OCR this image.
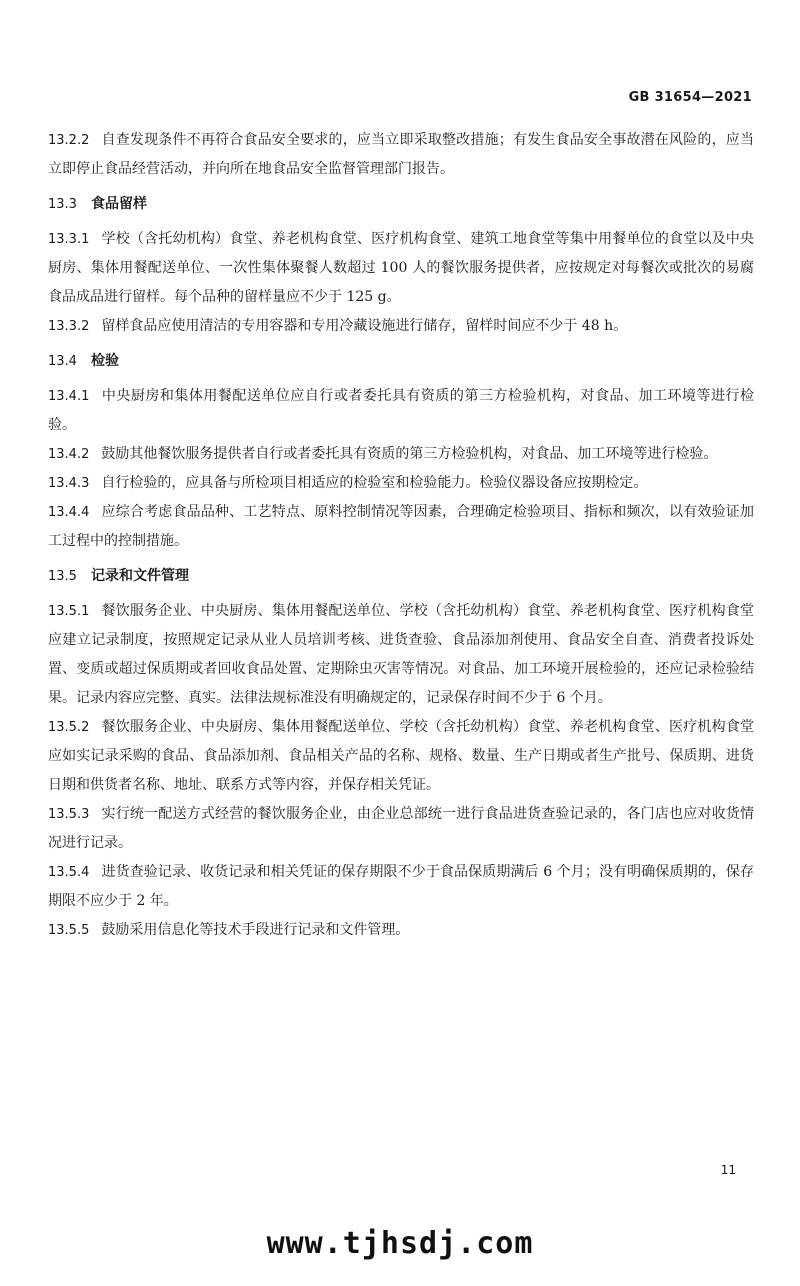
GB 31654—2021

13.2.2 自查发现条件不再符合食品安全要求的，应当立即采取整改措施；有发生食品安全事故潜在风险的，应当立即停止食品经营活动，并向所在地食品安全监督管理部门报告。

13.3 食品留样

13.3.1 学校（含托幼机构）食堂、养老机构食堂、医疗机构食堂、建筑工地食堂等集中用餐单位的食堂以及中央厨房、集体用餐配送单位、一次性集体聚餐人数超过 100 人的餐饮服务提供者，应按规定对每餐次或批次的易腐食品成品进行留样。每个品种的留样量应不少于 125 g。

13.3.2 留样食品应使用清洁的专用容器和专用冷藏设施进行储存，留样时间应不少于 48 h。

13.4 检验

13.4.1 中央厨房和集体用餐配送单位应自行或者委托具有资质的第三方检验机构，对食品、加工环境等进行检验。

13.4.2 鼓励其他餐饮服务提供者自行或者委托具有资质的第三方检验机构，对食品、加工环境等进行检验。

13.4.3 自行检验的，应具备与所检项目相适应的检验室和检验能力。检验仪器设备应按期检定。

13.4.4 应综合考虑食品品种、工艺特点、原料控制情况等因素，合理确定检验项目、指标和频次，以有效验证加工过程中的控制措施。

13.5 记录和文件管理

13.5.1 餐饮服务企业、中央厨房、集体用餐配送单位、学校（含托幼机构）食堂、养老机构食堂、医疗机构食堂应建立记录制度，按照规定记录从业人员培训考核、进货查验、食品添加剂使用、食品安全自查、消费者投诉处置、变质或超过保质期或者回收食品处置、定期除虫灭害等情况。对食品、加工环境开展检验的，还应记录检验结果。记录内容应完整、真实。法律法规标准没有明确规定的，记录保存时间不少于 6 个月。

13.5.2 餐饮服务企业、中央厨房、集体用餐配送单位、学校（含托幼机构）食堂、养老机构食堂、医疗机构食堂应如实记录采购的食品、食品添加剂、食品相关产品的名称、规格、数量、生产日期或者生产批号、保质期、进货日期和供货者名称、地址、联系方式等内容，并保存相关凭证。

13.5.3 实行统一配送方式经营的餐饮服务企业，由企业总部统一进行食品进货查验记录的，各门店也应对收货情况进行记录。

13.5.4 进货查验记录、收货记录和相关凭证的保存期限不少于食品保质期满后 6 个月；没有明确保质期的，保存期限不应少于 2 年。

13.5.5 鼓励采用信息化等技术手段进行记录和文件管理。

11
www.tjhsdj.com
